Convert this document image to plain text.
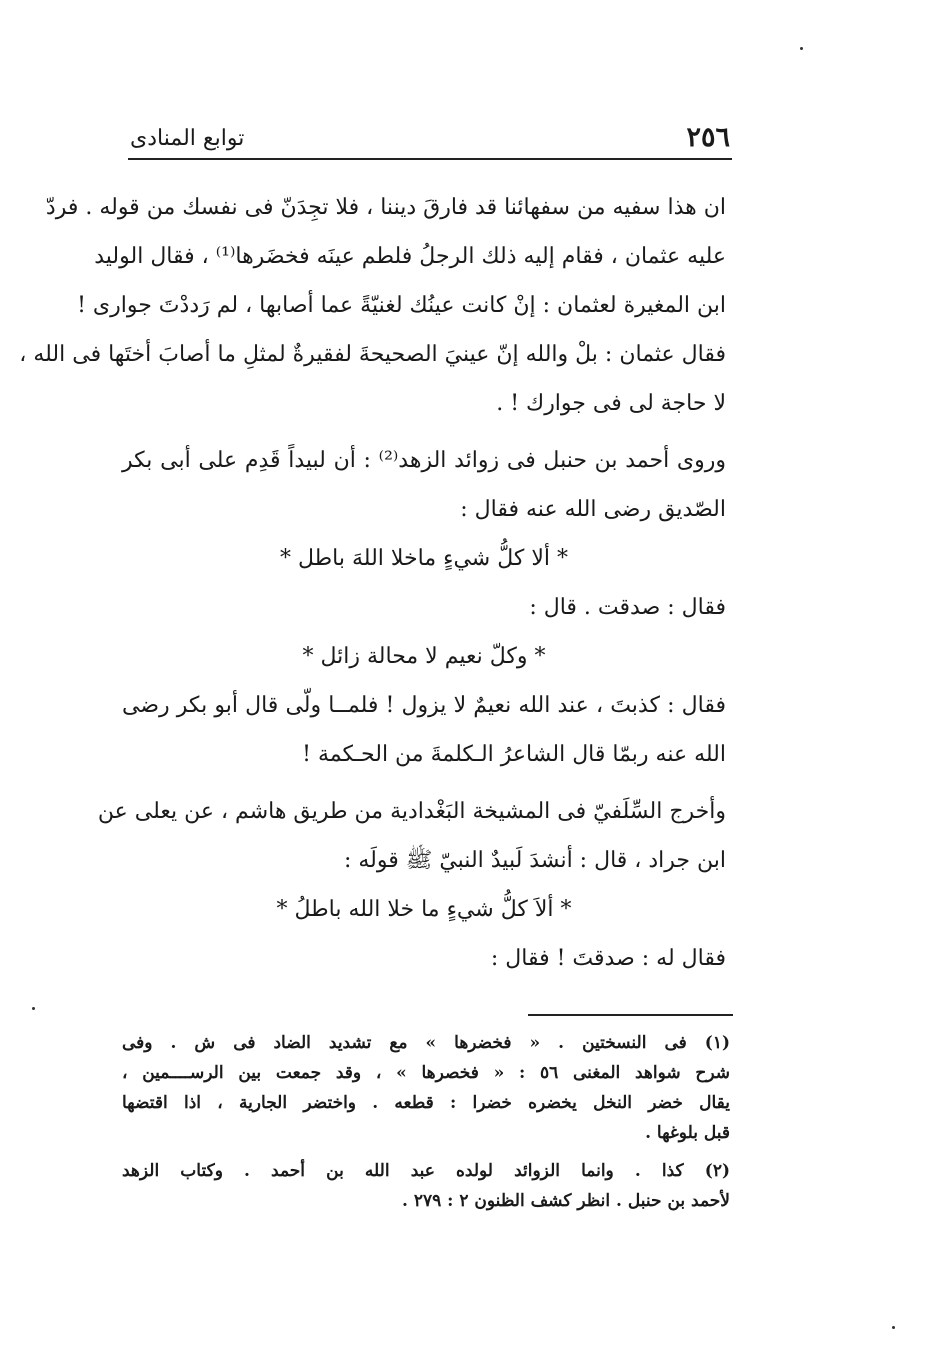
٢٥٦
توابع المنادى
ان هذا سفيه من سفهائنا قد فارقَ ديننا ، فلا تجِدَنّ فى نفسك من قوله . فردّ
عليه عثمان ، فقام إليه ذلك الرجلُ فلطم عينَه فخضَرها⁽¹⁾ ، فقال الوليد
ابن المغيرة لعثمان : إنْ كانت عينُك لغنيّةً عما أصابها ، لم رَددْتَ جوارى !
فقال عثمان : بلْ والله إنّ عينيَ الصحيحةَ لفقيرةٌ لمثلِ ما أصابَ أختَها فى الله ،
لا حاجة لى فى جوارك ! .
وروى أحمد بن حنبل فى زوائد الزهد⁽²⁾ : أن لبيداً قَدِم على أبى بكر
الصّديق رضى الله عنه فقال :
* ألا كلُّ شيءٍ ماخلا اللهَ باطل *
فقال : صدقت . قال :
* وكلّ نعيم لا محالة زائل *
فقال : كذبتَ ، عند الله نعيمٌ لا يزول ! فلمــا ولّى قال أبو بكر رضى
الله عنه ربمّا قال الشاعرُ الـكلمةَ من الحـكمة !
وأخرج السِّلَفيّ فى المشيخة البَغْدادية من طريق هاشم ، عن يعلى عن
ابن جراد ، قال : أنشدَ لَبيدٌ النبيّ ﷺ قولَه :
* ألاَ كلُّ شيءٍ ما خلا الله باطلُ *
فقال له : صدقتَ ! فقال :
(١) فى النسختين . « فخضرها » مع تشديد الضاد فى ش . وفى
شرح شواهد المغنى ٥٦ : « فخصرها » ، وقد جمعت بين الرســــمين ،
يقال خضر النخل يخضره خضرا : قطعه . واختضر الجارية ، اذا اقتضها
قبل بلوغها .
(٢) كذا . وانما الزوائد لولده عبد الله بن أحمد . وكتاب الزهد
لأحمد بن حنبل . انظر كشف الظنون ٢ : ٢٧٩ .
